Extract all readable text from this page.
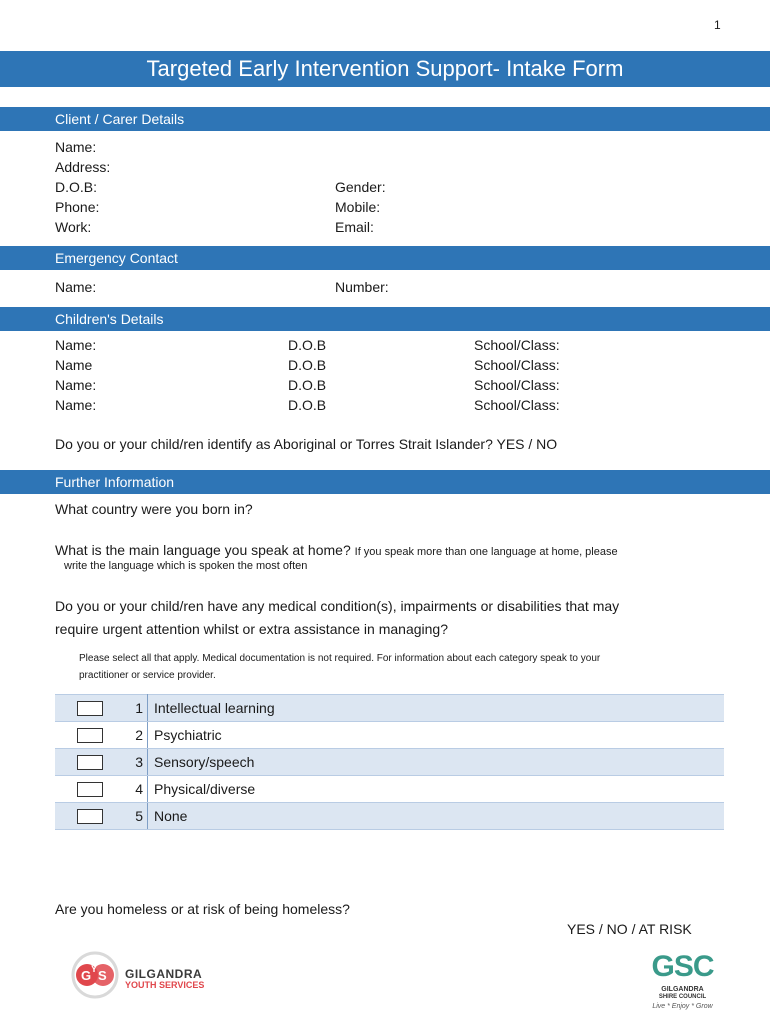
1
Targeted Early Intervention Support- Intake Form
Client / Carer Details
Name:
Address:
D.O.B:	Gender:
Phone:	Mobile:
Work:	Email:
Emergency Contact
Name:	Number:
Children's Details
Name:	D.O.B	School/Class:
Name	D.O.B	School/Class:
Name:	D.O.B	School/Class:
Name:	D.O.B	School/Class:
Do you or your child/ren identify as Aboriginal or Torres Strait Islander? YES / NO
Further Information
What country were you born in?
What is the main language you speak at home? If you speak more than one language at home, please
write the language which is spoken the most often
Do you or your child/ren have any medical condition(s), impairments or disabilities that may
require urgent attention whilst or extra assistance in managing?
Please select all that apply. Medical documentation is not required. For information about each category speak to your
practitioner or service provider.
	1	Intellectual learning
	2	Psychiatric
	3	Sensory/speech
	4	Physical/diverse
	5	None
Are you homeless or at risk of being homeless?
YES / NO / AT RISK
G S
Y GILGANDRA
YOUTH SERVICES
GSC
GILGANDRA
SHIRE COUNCIL
Live * Enjoy * Grow
